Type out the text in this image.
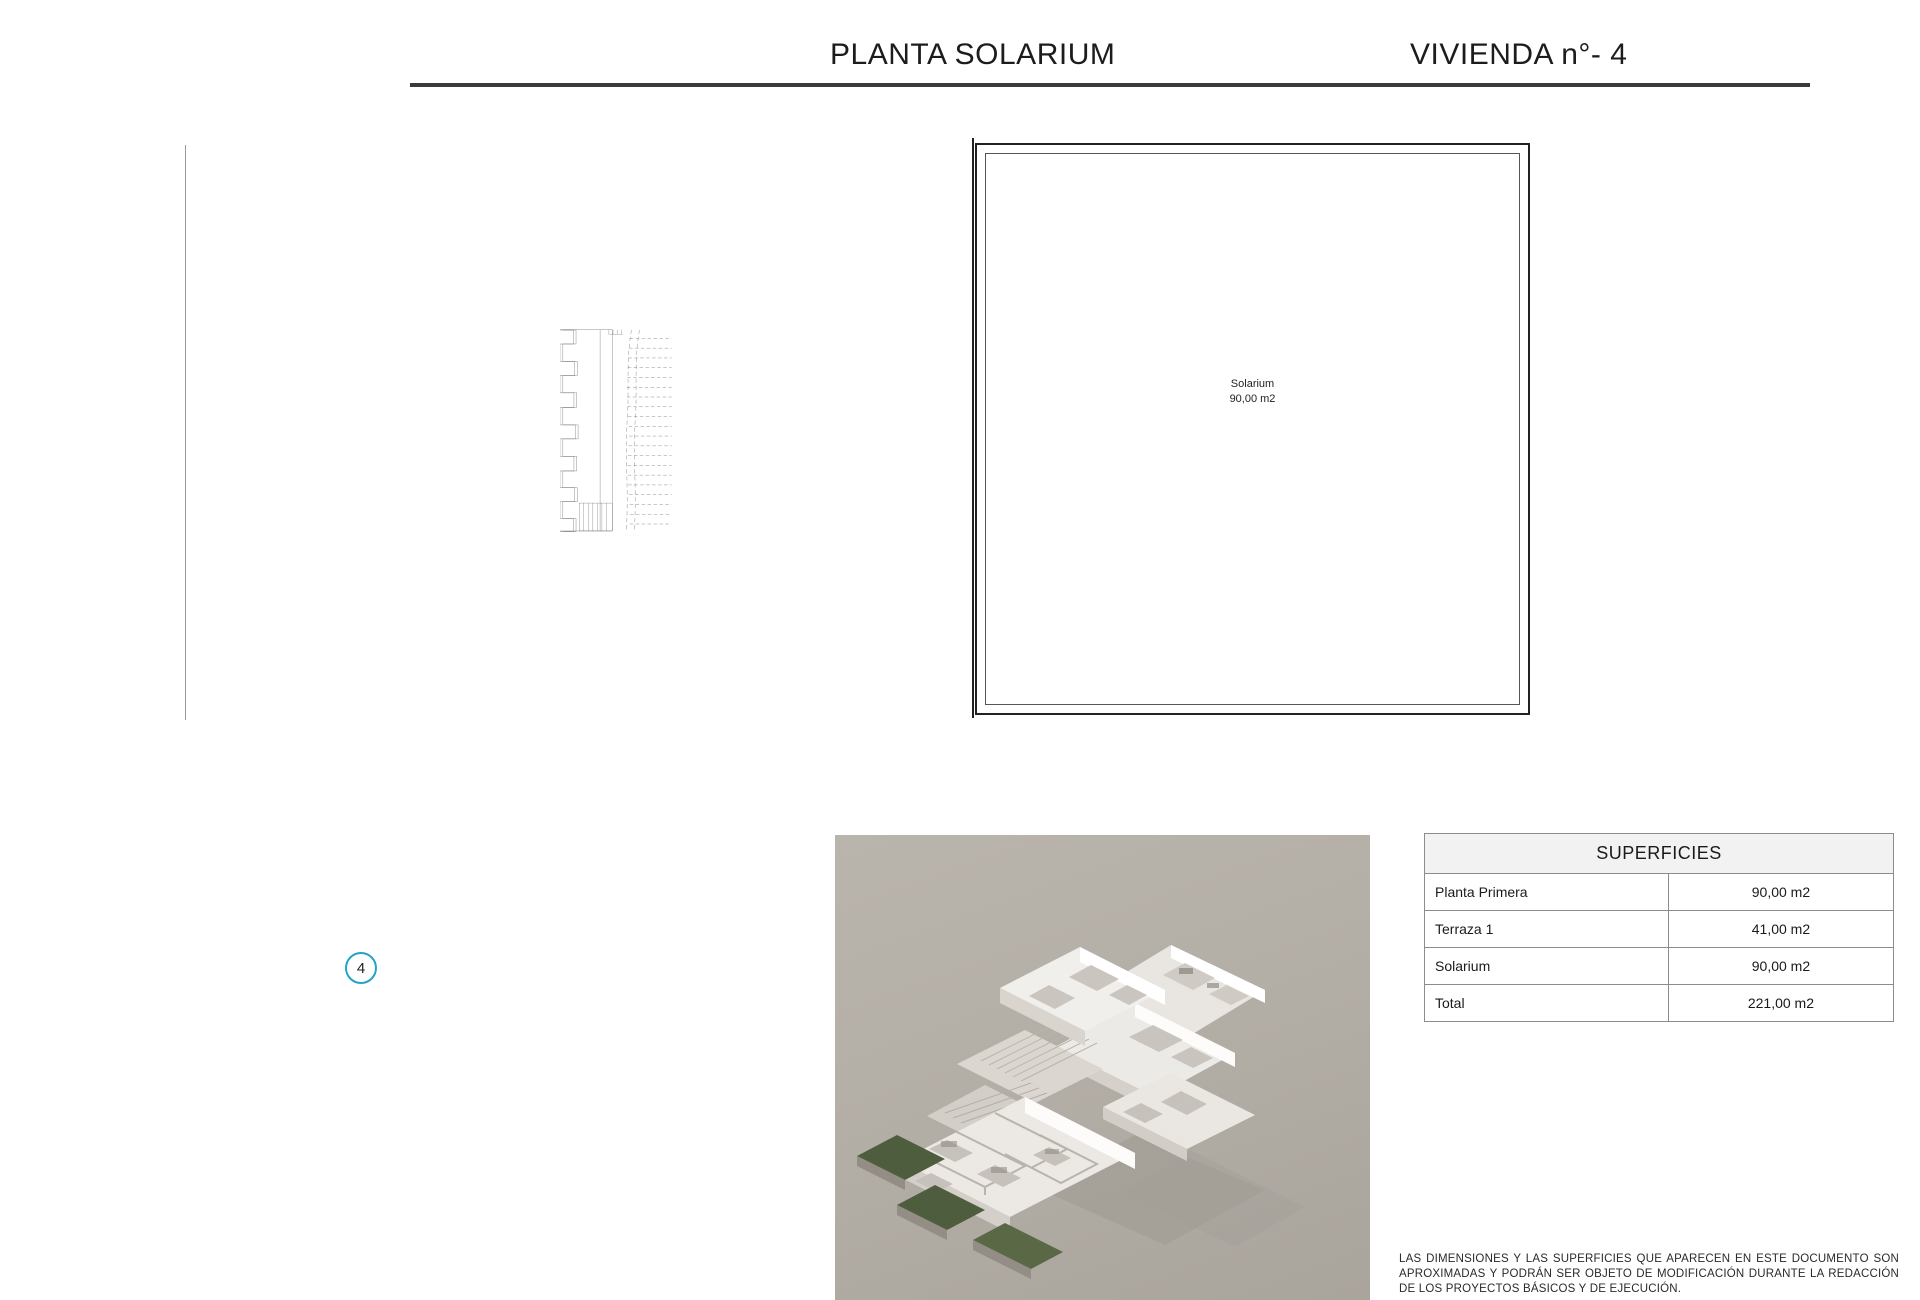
PLANTA SOLARIUM	VIVIENDA n°- 4
Solarium
90,00 m2
4
SUPERFICIES	
Planta Primera	90,00 m2
Terraza 1	41,00 m2
Solarium	90,00 m2
Total	221,00 m2
LAS DIMENSIONES Y LAS SUPERFICIES QUE APARECEN EN ESTE DOCUMENTO SON APROXIMADAS Y PODRÁN SER OBJETO DE MODIFICACIÓN DURANTE LA REDACCIÓN DE LOS PROYECTOS BÁSICOS Y DE EJECUCIÓN.
